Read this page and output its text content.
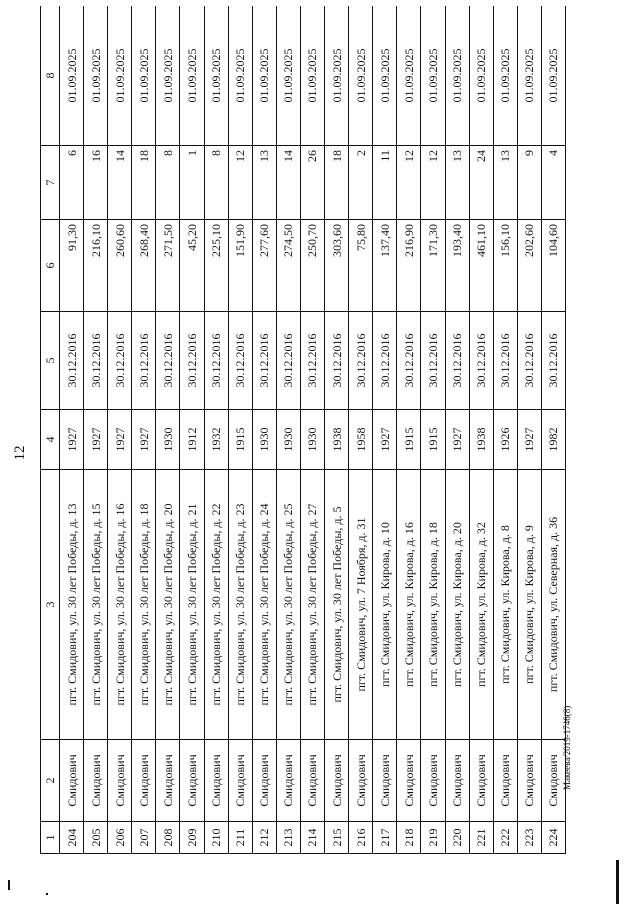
12
1	2	3	4	5	6	7	8
204	Смидович	пгт. Смидович, ул. 30 лет Победы, д. 13	1927	30.12.2016	91,30	6	01.09.2025
205	Смидович	пгт. Смидович, ул. 30 лет Победы, д. 15	1927	30.12.2016	216,10	16	01.09.2025
206	Смидович	пгт. Смидович, ул. 30 лет Победы, д. 16	1927	30.12.2016	260,60	14	01.09.2025
207	Смидович	пгт. Смидович, ул. 30 лет Победы, д. 18	1927	30.12.2016	268,40	18	01.09.2025
208	Смидович	пгт. Смидович, ул. 30 лет Победы, д. 20	1930	30.12.2016	271,50	8	01.09.2025
209	Смидович	пгт. Смидович, ул. 30 лет Победы, д. 21	1912	30.12.2016	45,20	1	01.09.2025
210	Смидович	пгт. Смидович, ул. 30 лет Победы, д. 22	1932	30.12.2016	225,10	8	01.09.2025
211	Смидович	пгт. Смидович, ул. 30 лет Победы, д. 23	1915	30.12.2016	151,90	12	01.09.2025
212	Смидович	пгт. Смидович, ул. 30 лет Победы, д. 24	1930	30.12.2016	277,60	13	01.09.2025
213	Смидович	пгт. Смидович, ул. 30 лет Победы, д. 25	1930	30.12.2016	274,50	14	01.09.2025
214	Смидович	пгт. Смидович, ул. 30 лет Победы, д. 27	1930	30.12.2016	250,70	26	01.09.2025
215	Смидович	пгт. Смидович, ул. 30 лет Победы, д. 5	1938	30.12.2016	303,60	18	01.09.2025
216	Смидович	пгт. Смидович, ул. 7 Ноября, д. 31	1958	30.12.2016	75,80	2	01.09.2025
217	Смидович	пгт. Смидович, ул. Кирова, д. 10	1927	30.12.2016	137,40	11	01.09.2025
218	Смидович	пгт. Смидович, ул. Кирова, д. 16	1915	30.12.2016	216,90	12	01.09.2025
219	Смидович	пгт. Смидович, ул. Кирова, д. 18	1915	30.12.2016	171,30	12	01.09.2025
220	Смидович	пгт. Смидович, ул. Кирова, д. 20	1927	30.12.2016	193,40	13	01.09.2025
221	Смидович	пгт. Смидович, ул. Кирова, д. 32	1938	30.12.2016	461,10	24	01.09.2025
222	Смидович	пгт. Смидович, ул. Кирова, д. 8	1926	30.12.2016	156,10	13	01.09.2025
223	Смидович	пгт. Смидович, ул. Кирова, д. 9	1927	30.12.2016	202,60	9	01.09.2025
224	Смидович	пгт. Смидович, ул. Северная, д. 36	1982	30.12.2016	104,60	4	01.09.2025
Макеева/2019-1746(8)
